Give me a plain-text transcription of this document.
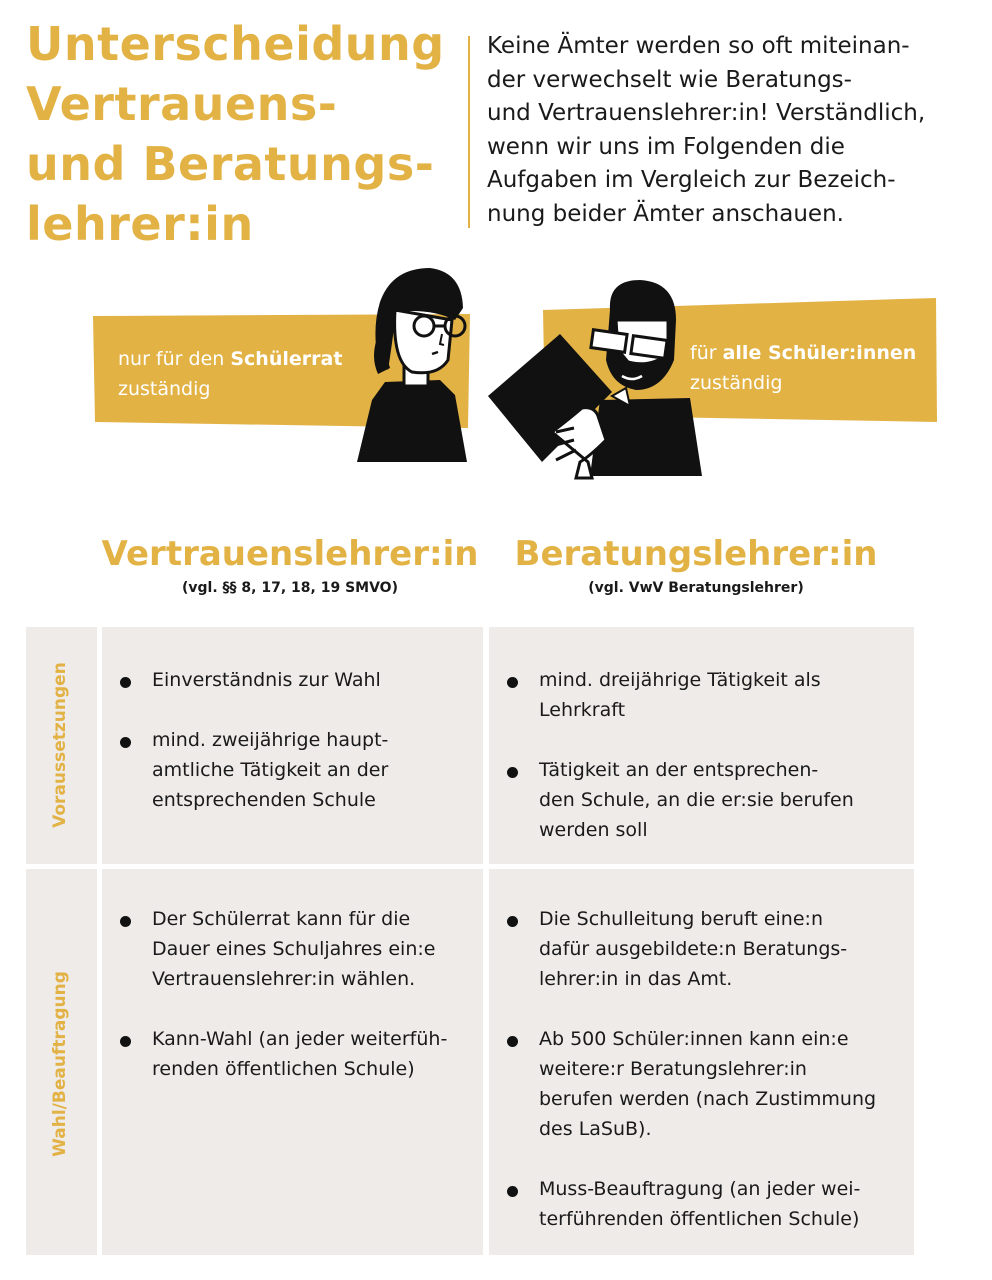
Unterscheidung
Vertrauens-
und Beratungs-
lehrer:in
Keine Ämter werden so oft miteinan-
der verwechselt wie Beratungs-
und Vertrauenslehrer:in! Verständlich,
wenn wir uns im Folgenden die
Aufgaben im Vergleich zur Bezeich-
nung beider Ämter anschauen.
nur für den Schülerrat
zuständig
für alle Schüler:innen
zuständig
Vertrauenslehrer:in
(vgl. §§ 8, 17, 18, 19 SMVO)
Beratungslehrer:in
(vgl. VwV Beratungslehrer)
Voraussetzungen	Einverständnis zur Wahl
mind. zweijährige haupt-
amtliche Tätigkeit an der
entsprechenden Schule
mind. dreijährige Tätigkeit als
Lehrkraft
Tätigkeit an der entsprechen-
den Schule, an die er:sie berufen
werden soll
Wahl/Beauftragung
Der Schülerrat kann für die
Dauer eines Schuljahres ein:e
Vertrauenslehrer:in wählen.
Kann-Wahl (an jeder weiterfüh-
renden öffentlichen Schule)
Die Schulleitung beruft eine:n
dafür ausgebildete:n Beratungs-
lehrer:in in das Amt.
Ab 500 Schüler:innen kann ein:e
weitere:r Beratungslehrer:in
berufen werden (nach Zustimmung
des LaSuB).
Muss-Beauftragung (an jeder wei-
terführenden öffentlichen Schule)
